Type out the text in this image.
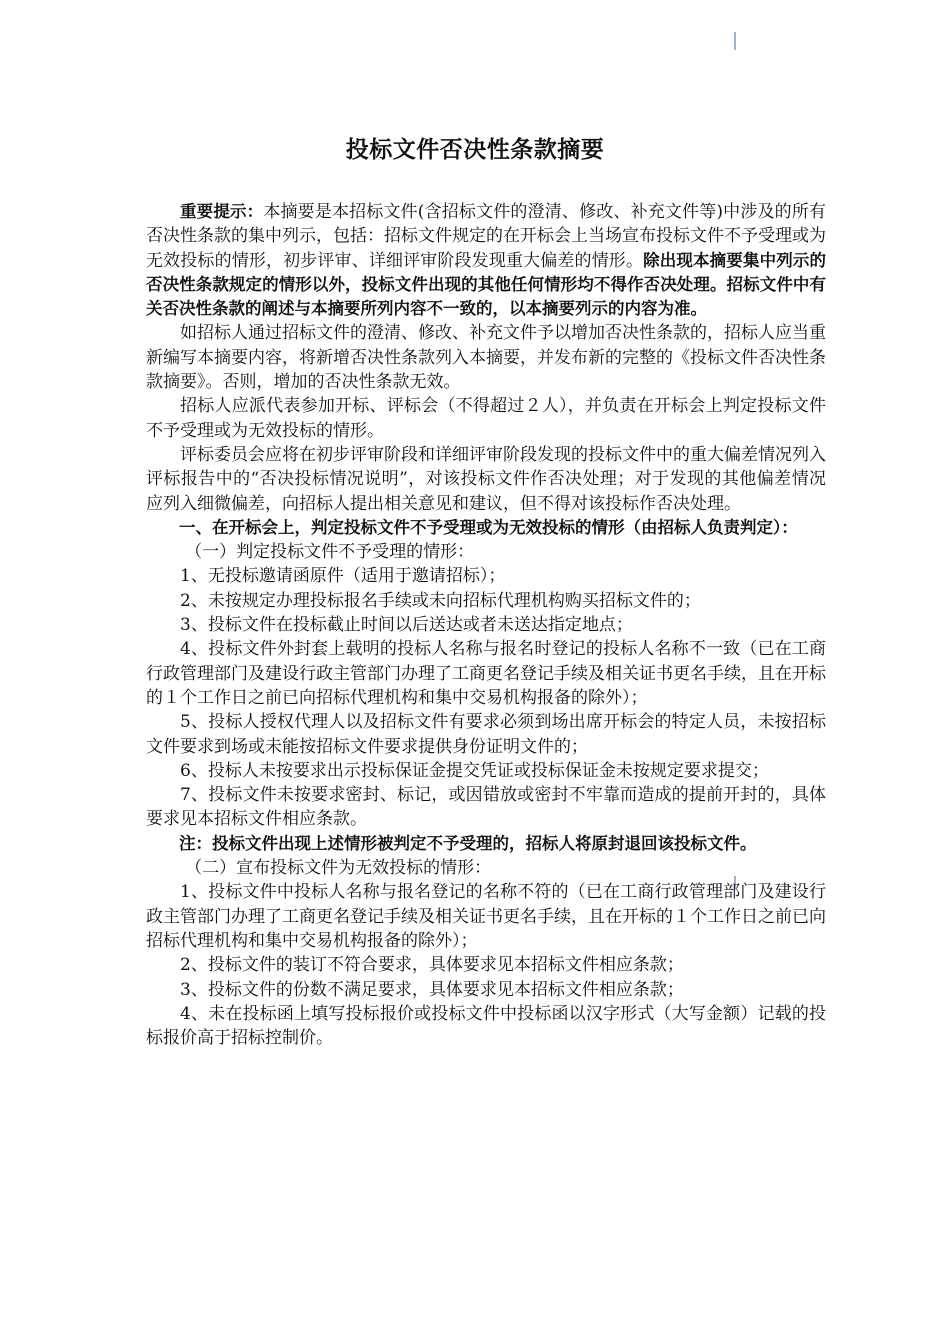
投标文件否决性条款摘要

重要提示：本摘要是本招标文件(含招标文件的澄清、修改、补充文件等)中涉及的所有否决性条款的集中列示，包括：招标文件规定的在开标会上当场宣布投标文件不予受理或为无效投标的情形，初步评审、详细评审阶段发现重大偏差的情形。除出现本摘要集中列示的否决性条款规定的情形以外，投标文件出现的其他任何情形均不得作否决处理。招标文件中有关否决性条款的阐述与本摘要所列内容不一致的，以本摘要列示的内容为准。

如招标人通过招标文件的澄清、修改、补充文件予以增加否决性条款的，招标人应当重新编写本摘要内容，将新增否决性条款列入本摘要，并发布新的完整的《投标文件否决性条款摘要》。否则，增加的否决性条款无效。

招标人应派代表参加开标、评标会（不得超过２人），并负责在开标会上判定投标文件不予受理或为无效投标的情形。

评标委员会应将在初步评审阶段和详细评审阶段发现的投标文件中的重大偏差情况列入评标报告中的“否决投标情况说明”，对该投标文件作否决处理；对于发现的其他偏差情况应列入细微偏差，向招标人提出相关意见和建议，但不得对该投标作否决处理。

一、在开标会上，判定投标文件不予受理或为无效投标的情形（由招标人负责判定）：

（一）判定投标文件不予受理的情形：

1、无投标邀请函原件（适用于邀请招标）；

2、未按规定办理投标报名手续或未向招标代理机构购买招标文件的；

3、投标文件在投标截止时间以后送达或者未送达指定地点；

4、投标文件外封套上载明的投标人名称与报名时登记的投标人名称不一致（已在工商行政管理部门及建设行政主管部门办理了工商更名登记手续及相关证书更名手续，且在开标的１个工作日之前已向招标代理机构和集中交易机构报备的除外）；

5、投标人授权代理人以及招标文件有要求必须到场出席开标会的特定人员，未按招标文件要求到场或未能按招标文件要求提供身份证明文件的；

6、投标人未按要求出示投标保证金提交凭证或投标保证金未按规定要求提交；

7、投标文件未按要求密封、标记，或因错放或密封不牢靠而造成的提前开封的，具体要求见本招标文件相应条款。

注：投标文件出现上述情形被判定不予受理的，招标人将原封退回该投标文件。

（二）宣布投标文件为无效投标的情形：

1、投标文件中投标人名称与报名登记的名称不符的（已在工商行政管理部门及建设行政主管部门办理了工商更名登记手续及相关证书更名手续，且在开标的１个工作日之前已向招标代理机构和集中交易机构报备的除外）；

2、投标文件的装订不符合要求，具体要求见本招标文件相应条款；

3、投标文件的份数不满足要求，具体要求见本招标文件相应条款；

4、未在投标函上填写投标报价或投标文件中投标函以汉字形式（大写金额）记载的投标报价高于招标控制价。
